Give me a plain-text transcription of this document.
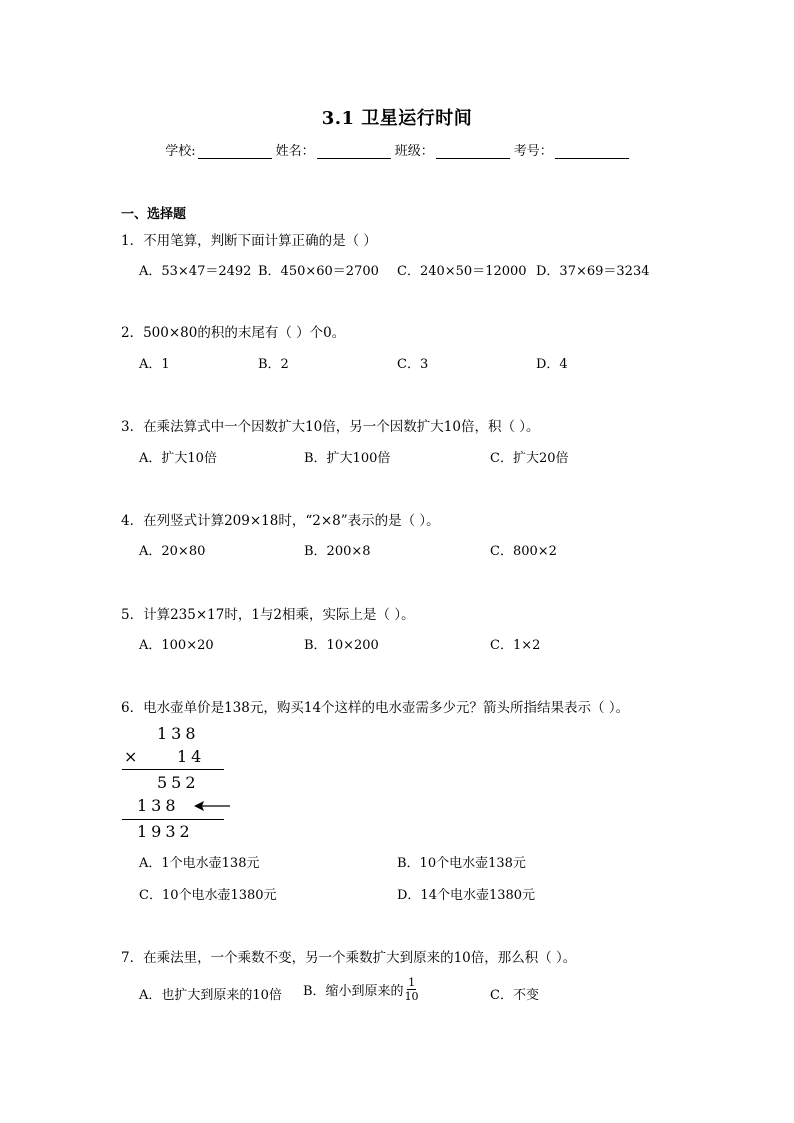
3.1 卫星运行时间
学校:	姓名：	班级：	考号：
一、选择题
1．不用笔算，判断下面计算正确的是（ ）
A．53×47＝2492 B．450×60＝2700 C．240×50＝12000 D．37×69＝3234
2．500×80的积的末尾有（ ）个0。
A．1	B．2	C．3	D．4
3．在乘法算式中一个因数扩大10倍，另一个因数扩大10倍，积（ ）。
A．扩大10倍	B．扩大100倍	C．扩大20倍
4．在列竖式计算209×18时，“2×8”表示的是（ ）。
A．20×80	B．200×8	C．800×2
5．计算235×17时，1与2相乘，实际上是（ ）。
A．100×20	B．10×200	C．1×2
6．电水壶单价是138元，购买14个这样的电水壶需多少元？箭头所指结果表示（ ）。
138
× 14
552
138
1932
A．1个电水壶138元	B．10个电水壶138元
C．10个电水壶1380元	D．14个电水壶1380元
7．在乘法里，一个乘数不变，另一个乘数扩大到原来的10倍，那么积（ ）。
A．也扩大到原来的10倍 B．缩小到原来的 $\frac{1}{10}$	C．不变
